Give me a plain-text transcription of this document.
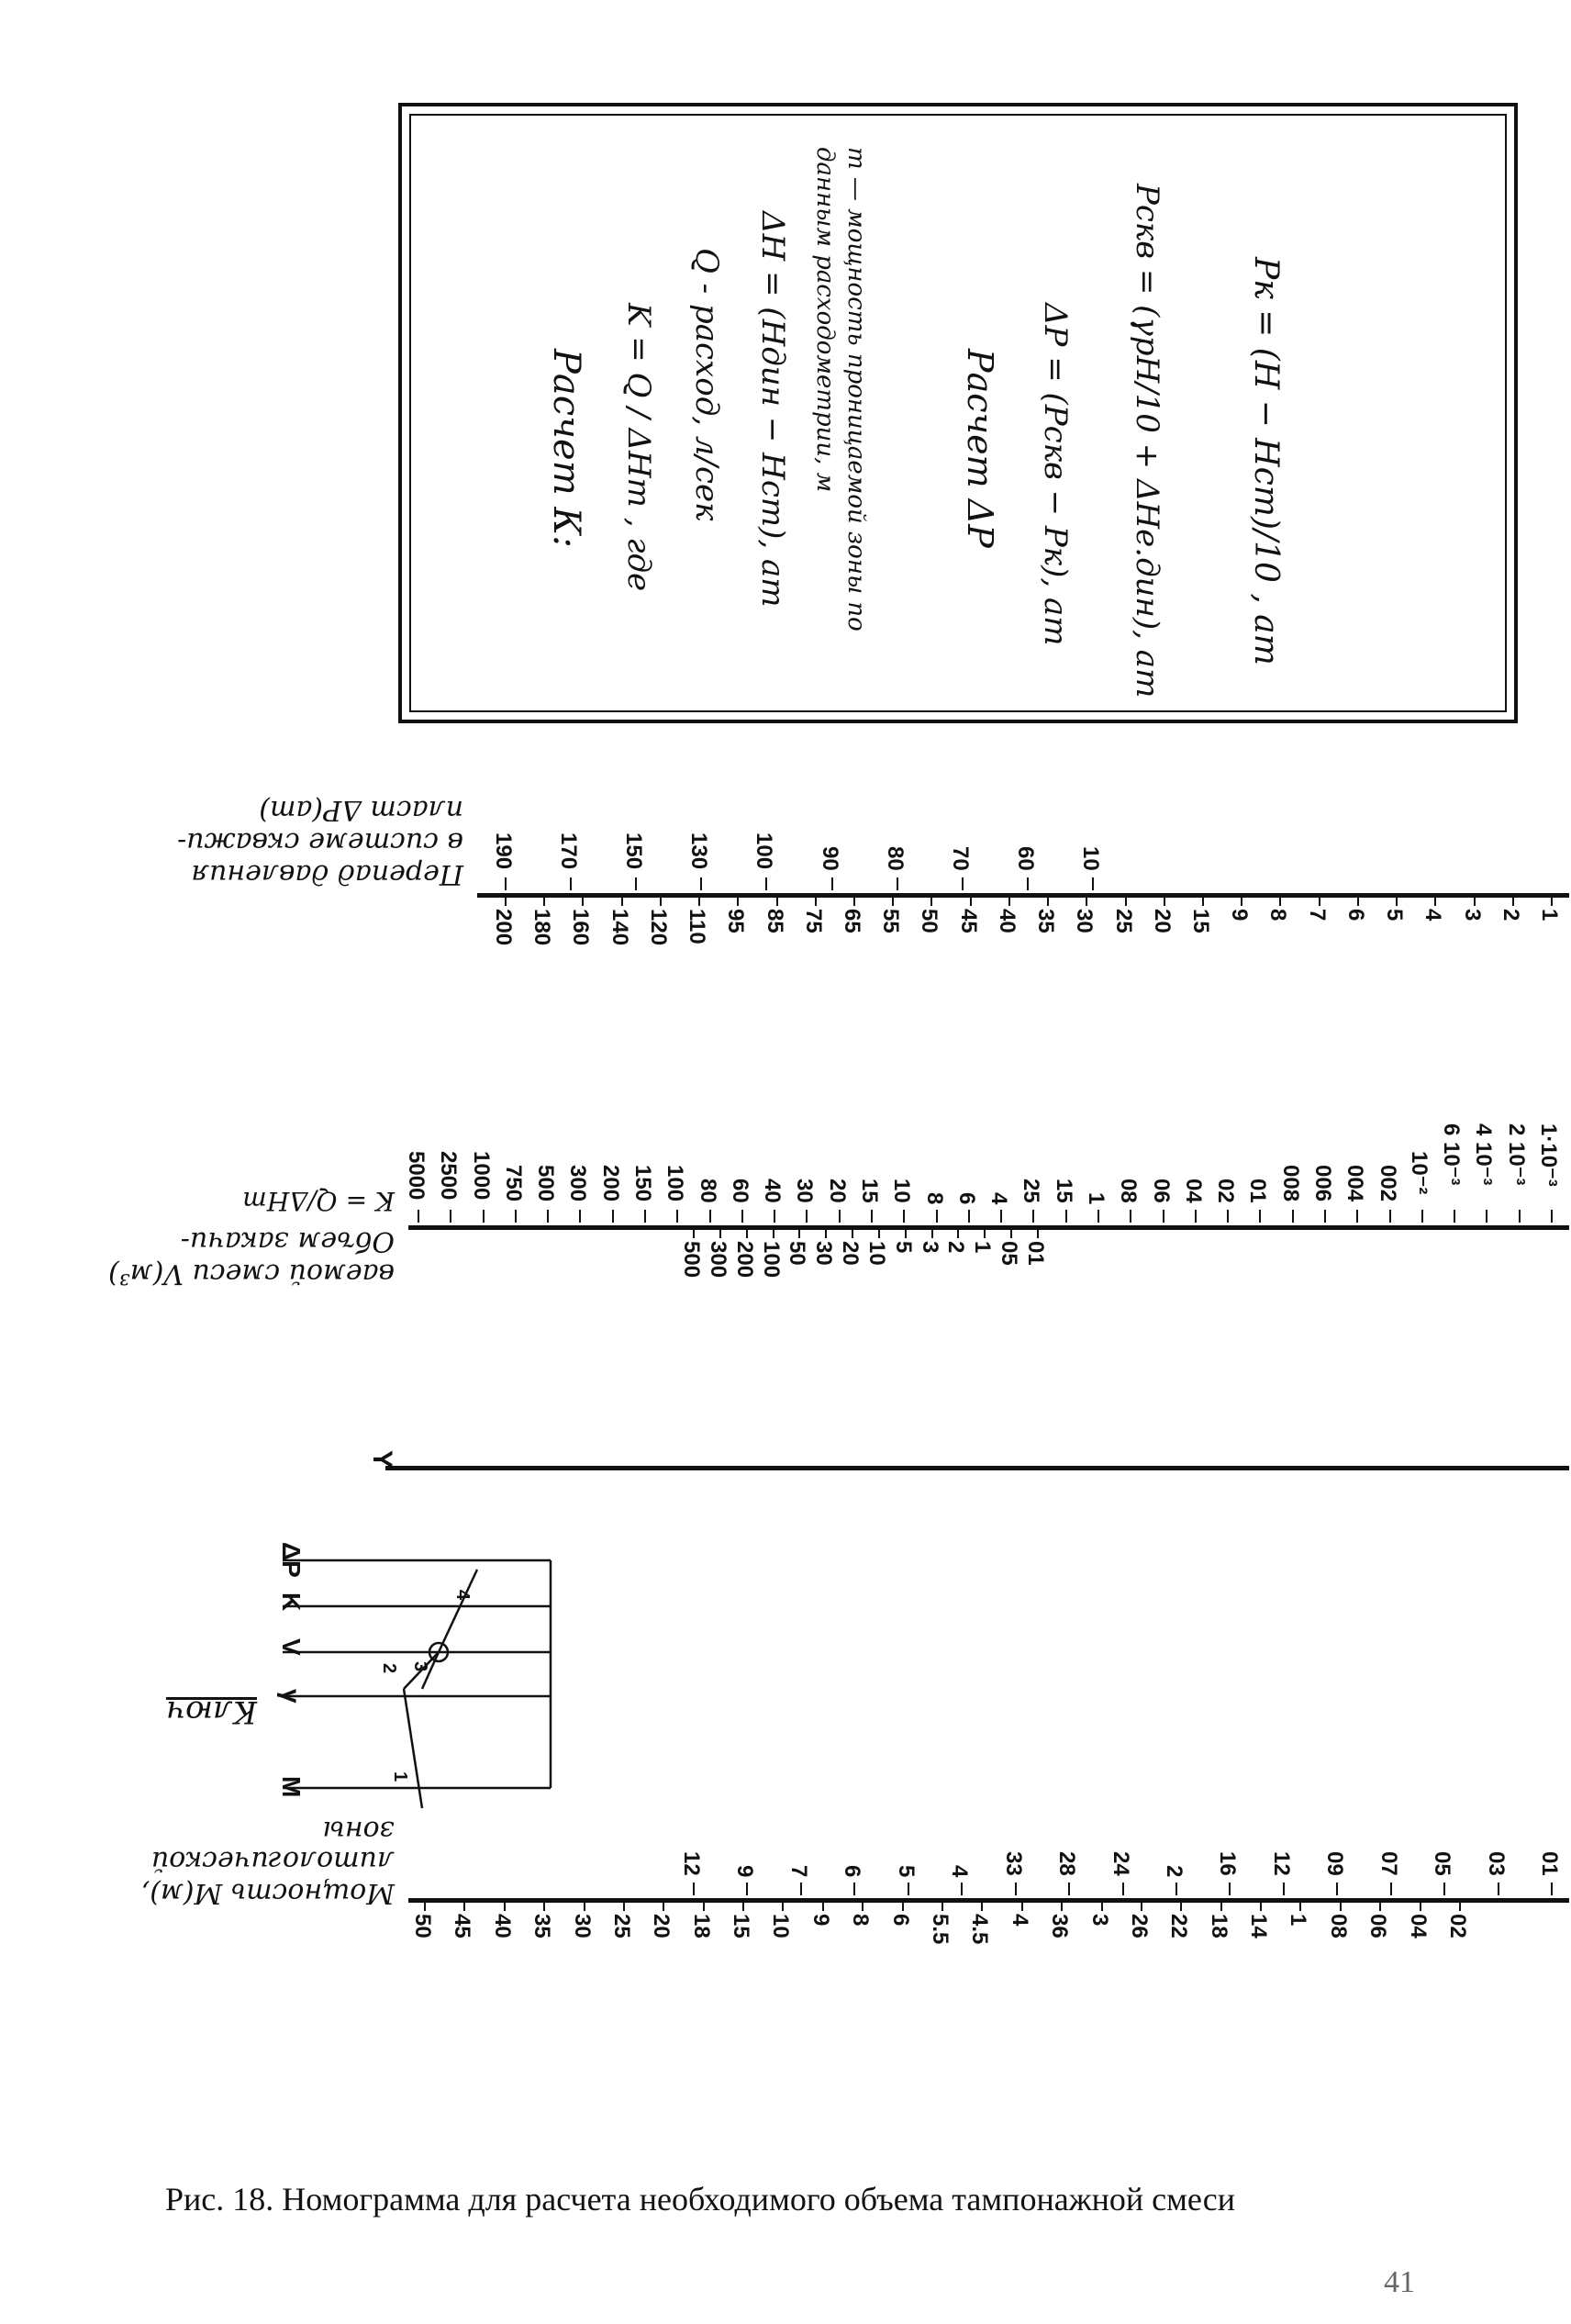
Расчет К: K = Q / ΔHm , где Q - расход, л/сек ΔH = (Hдин − Hст), ат	m — мощность проницаемой зоны по данным расходометрии, м	Расчет ΔP ΔP = (Pскв − Pк), ат Pскв = (γрH/10 + ΔHе.дин), ат Pк = (H − Hст)/10 , ат
Перепад давления
в системе скважи-
пласт ΔP(ат)
190 170 150 130 100 90 80 70 60 10
200 180 160 140 120 110 95 85 75 65 55 50 45 40 35 30 25 20 15 9 8 7 6 5 4 3 2 1
K = Q/ΔHm
Объем закачи-
ваемой смеси V(м³)
5000 2500 1000 750 500 300 200 150 100 80 60 40 30 20 15 10 8 6 4 25 15 1 08 06 04 02 01 008 006 004 002 10⁻² 6 10⁻³ 4 10⁻³ 2 10⁻³ 1·10⁻³
500 300 200 100 50 30 20 10 5 3 2 1 05 01
Y
Ключ
1
2 3
4
M
γ
V
K
ΔP
Мощность M(м),
литологической
зоны
12 9 7 6 5 4 33 28 24 2 16 12 09 07 05 03 01
50 45 40 35 30 25 20 18 15 10 9 8 6 5.5 4.5 4 36 3 26 22 18 14 1 08 06 04 02
Рис. 18. Номограмма для расчета необходимого объема тампонажной смеси
41
